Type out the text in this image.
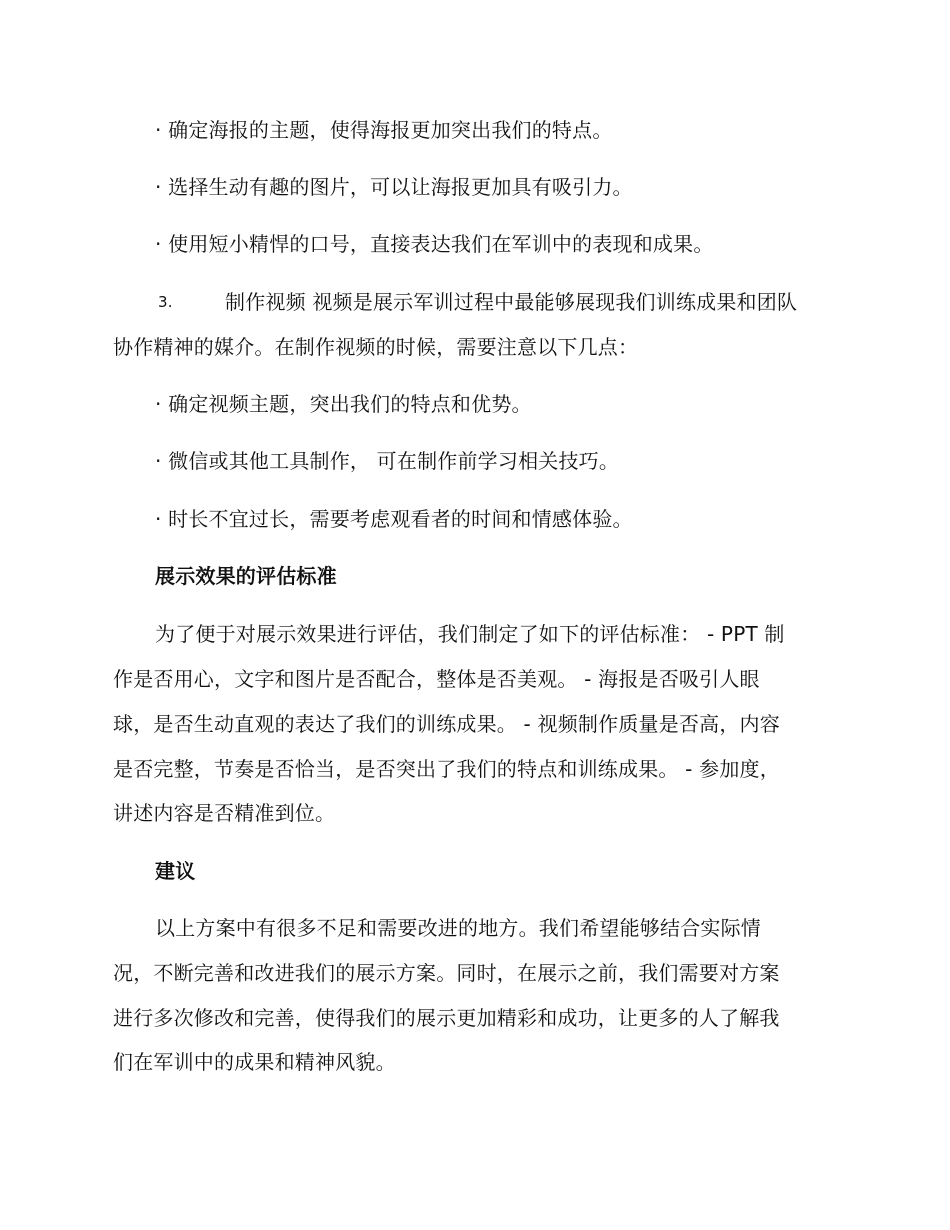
· 确定海报的主题，使得海报更加突出我们的特点。
· 选择生动有趣的图片，可以让海报更加具有吸引力。
· 使用短小精悍的口号，直接表达我们在军训中的表现和成果。
3.	制作视频 视频是展示军训过程中最能够展现我们训练成果和团队
协作精神的媒介。在制作视频的时候，需要注意以下几点：
· 确定视频主题，突出我们的特点和优势。
· 微信或其他工具制作， 可在制作前学习相关技巧。
· 时长不宜过长，需要考虑观看者的时间和情感体验。
展示效果的评估标准
为了便于对展示效果进行评估，我们制定了如下的评估标准： - PPT 制
作是否用心，文字和图片是否配合，整体是否美观。 - 海报是否吸引人眼
球，是否生动直观的表达了我们的训练成果。 - 视频制作质量是否高，内容
是否完整，节奏是否恰当，是否突出了我们的特点和训练成果。 - 参加度，
讲述内容是否精准到位。
建议
以上方案中有很多不足和需要改进的地方。我们希望能够结合实际情
况，不断完善和改进我们的展示方案。同时，在展示之前，我们需要对方案
进行多次修改和完善，使得我们的展示更加精彩和成功，让更多的人了解我
们在军训中的成果和精神风貌。
